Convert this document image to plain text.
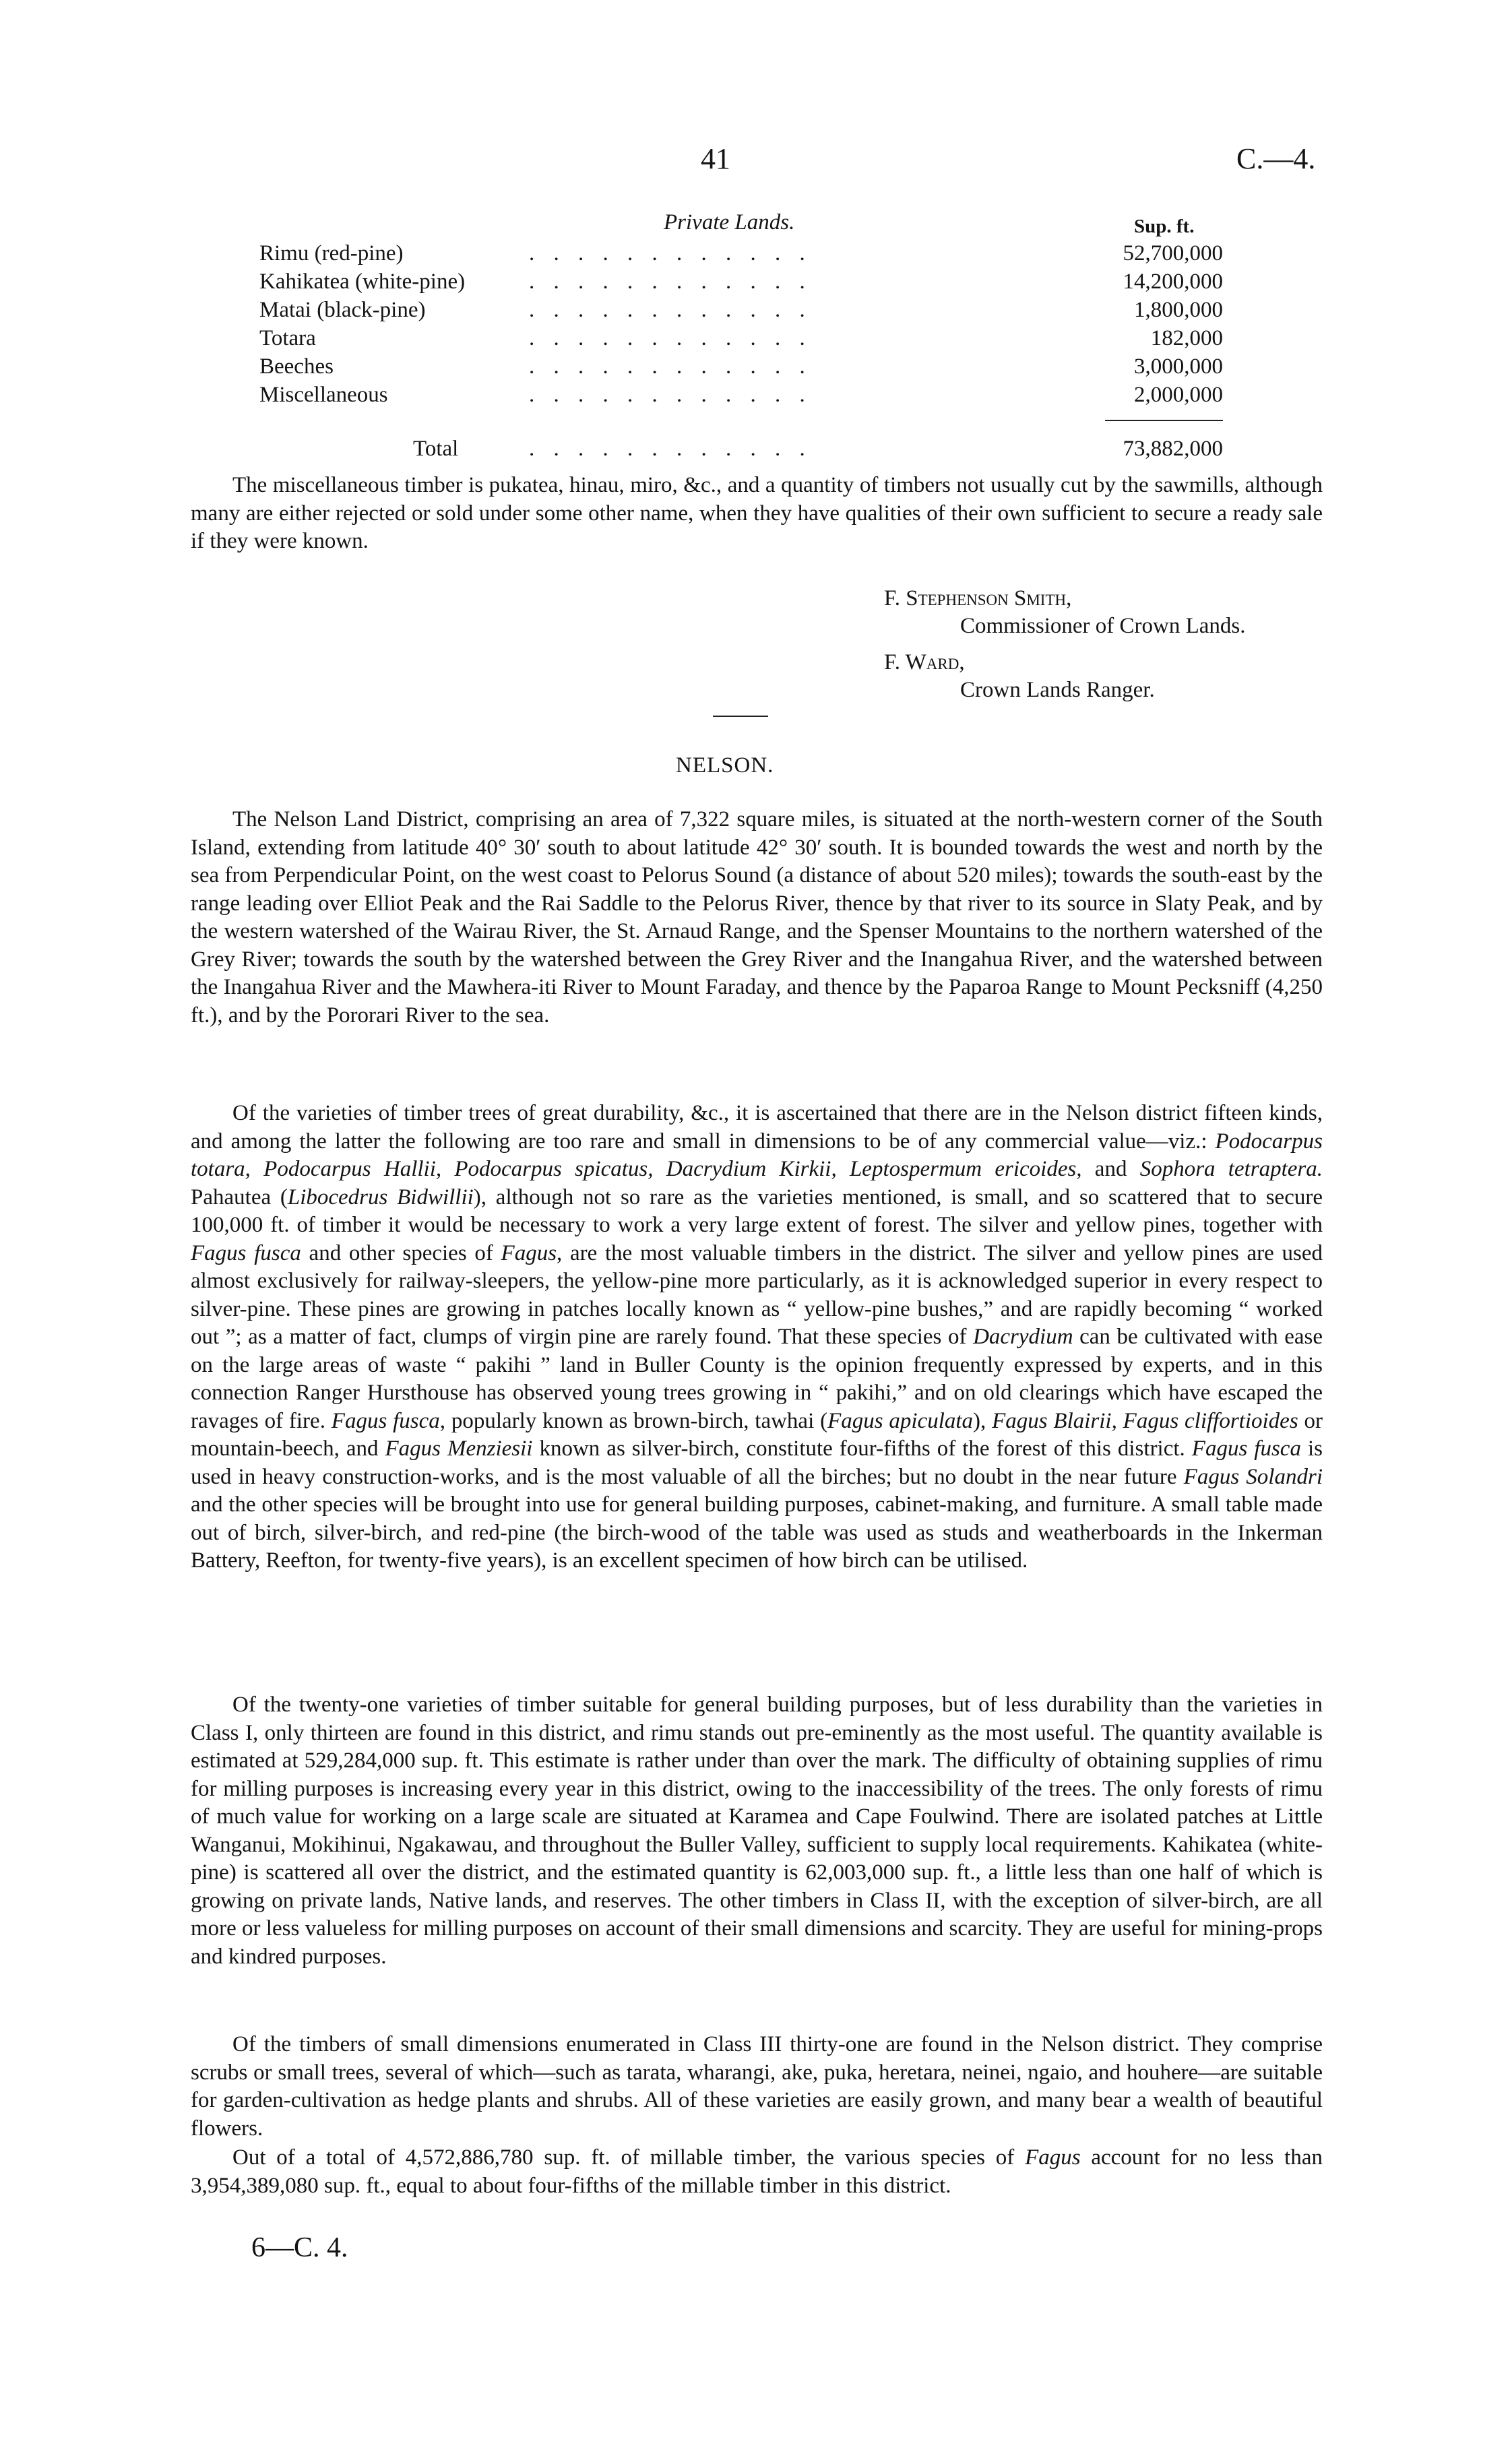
41	C.—4.
Private Lands.	Sup. ft.
Rimu (red-pine)	. . . . . . . . . . . .	52,700,000
Kahikatea (white-pine)	. . . . . . . . . . . .	14,200,000
Matai (black-pine)	. . . . . . . . . . . .	1,800,000
Totara	. . . . . . . . . . . .	182,000
Beeches	. . . . . . . . . . . .	3,000,000
Miscellaneous	. . . . . . . . . . . .	2,000,000
Total	. . . . . . . . . . . .	73,882,000

The miscellaneous timber is pukatea, hinau, miro, &c., and a quantity of timbers not usually cut by the sawmills, although many are either rejected or sold under some other name, when they have qualities of their own sufficient to secure a ready sale if they were known.

F. Stephenson Smith,
Commissioner of Crown Lands.
F. Ward,
Crown Lands Ranger.
NELSON.

The Nelson Land District, comprising an area of 7,322 square miles, is situated at the north-western corner of the South Island, extending from latitude 40° 30′ south to about latitude 42° 30′ south. It is bounded towards the west and north by the sea from Perpendicular Point, on the west coast to Pelorus Sound (a distance of about 520 miles); towards the south-east by the range leading over Elliot Peak and the Rai Saddle to the Pelorus River, thence by that river to its source in Slaty Peak, and by the western watershed of the Wairau River, the St. Arnaud Range, and the Spenser Mountains to the northern watershed of the Grey River; towards the south by the watershed between the Grey River and the Inangahua River, and the watershed between the Inangahua River and the Mawhera-iti River to Mount Faraday, and thence by the Paparoa Range to Mount Pecksniff (4,250 ft.), and by the Pororari River to the sea.

Of the varieties of timber trees of great durability, &c., it is ascertained that there are in the Nelson district fifteen kinds, and among the latter the following are too rare and small in dimensions to be of any commercial value—viz.: Podocarpus totara, Podocarpus Hallii, Podocarpus spicatus, Dacrydium Kirkii, Leptospermum ericoides, and Sophora tetraptera. Pahautea (Libocedrus Bidwillii), although not so rare as the varieties mentioned, is small, and so scattered that to secure 100,000 ft. of timber it would be necessary to work a very large extent of forest. The silver and yellow pines, together with Fagus fusca and other species of Fagus, are the most valuable timbers in the district. The silver and yellow pines are used almost exclusively for railway-sleepers, the yellow-pine more particularly, as it is acknowledged superior in every respect to silver-pine. These pines are growing in patches locally known as “ yellow-pine bushes,” and are rapidly becoming “ worked out ”; as a matter of fact, clumps of virgin pine are rarely found. That these species of Dacrydium can be cultivated with ease on the large areas of waste “ pakihi ” land in Buller County is the opinion frequently expressed by experts, and in this connection Ranger Hursthouse has observed young trees growing in “ pakihi,” and on old clearings which have escaped the ravages of fire. Fagus fusca, popularly known as brown-birch, tawhai (Fagus apiculata), Fagus Blairii, Fagus cliffortioides or mountain-beech, and Fagus Menziesii known as silver-birch, constitute four-fifths of the forest of this district. Fagus fusca is used in heavy construction-works, and is the most valuable of all the birches; but no doubt in the near future Fagus Solandri and the other species will be brought into use for general building purposes, cabinet-making, and furniture. A small table made out of birch, silver-birch, and red-pine (the birch-wood of the table was used as studs and weatherboards in the Inkerman Battery, Reefton, for twenty-five years), is an excellent specimen of how birch can be utilised.

Of the twenty-one varieties of timber suitable for general building purposes, but of less durability than the varieties in Class I, only thirteen are found in this district, and rimu stands out pre-eminently as the most useful. The quantity available is estimated at 529,284,000 sup. ft. This estimate is rather under than over the mark. The difficulty of obtaining supplies of rimu for milling purposes is increasing every year in this district, owing to the inaccessibility of the trees. The only forests of rimu of much value for working on a large scale are situated at Karamea and Cape Foulwind. There are isolated patches at Little Wanganui, Mokihinui, Ngakawau, and throughout the Buller Valley, sufficient to supply local requirements. Kahikatea (white-pine) is scattered all over the district, and the estimated quantity is 62,003,000 sup. ft., a little less than one half of which is growing on private lands, Native lands, and reserves. The other timbers in Class II, with the exception of silver-birch, are all more or less valueless for milling purposes on account of their small dimensions and scarcity. They are useful for mining-props and kindred purposes.

Of the timbers of small dimensions enumerated in Class III thirty-one are found in the Nelson district. They comprise scrubs or small trees, several of which—such as tarata, wharangi, ake, puka, heretara, neinei, ngaio, and houhere—are suitable for garden-cultivation as hedge plants and shrubs. All of these varieties are easily grown, and many bear a wealth of beautiful flowers.

Out of a total of 4,572,886,780 sup. ft. of millable timber, the various species of Fagus account for no less than 3,954,389,080 sup. ft., equal to about four-fifths of the millable timber in this district.

6—C. 4.
